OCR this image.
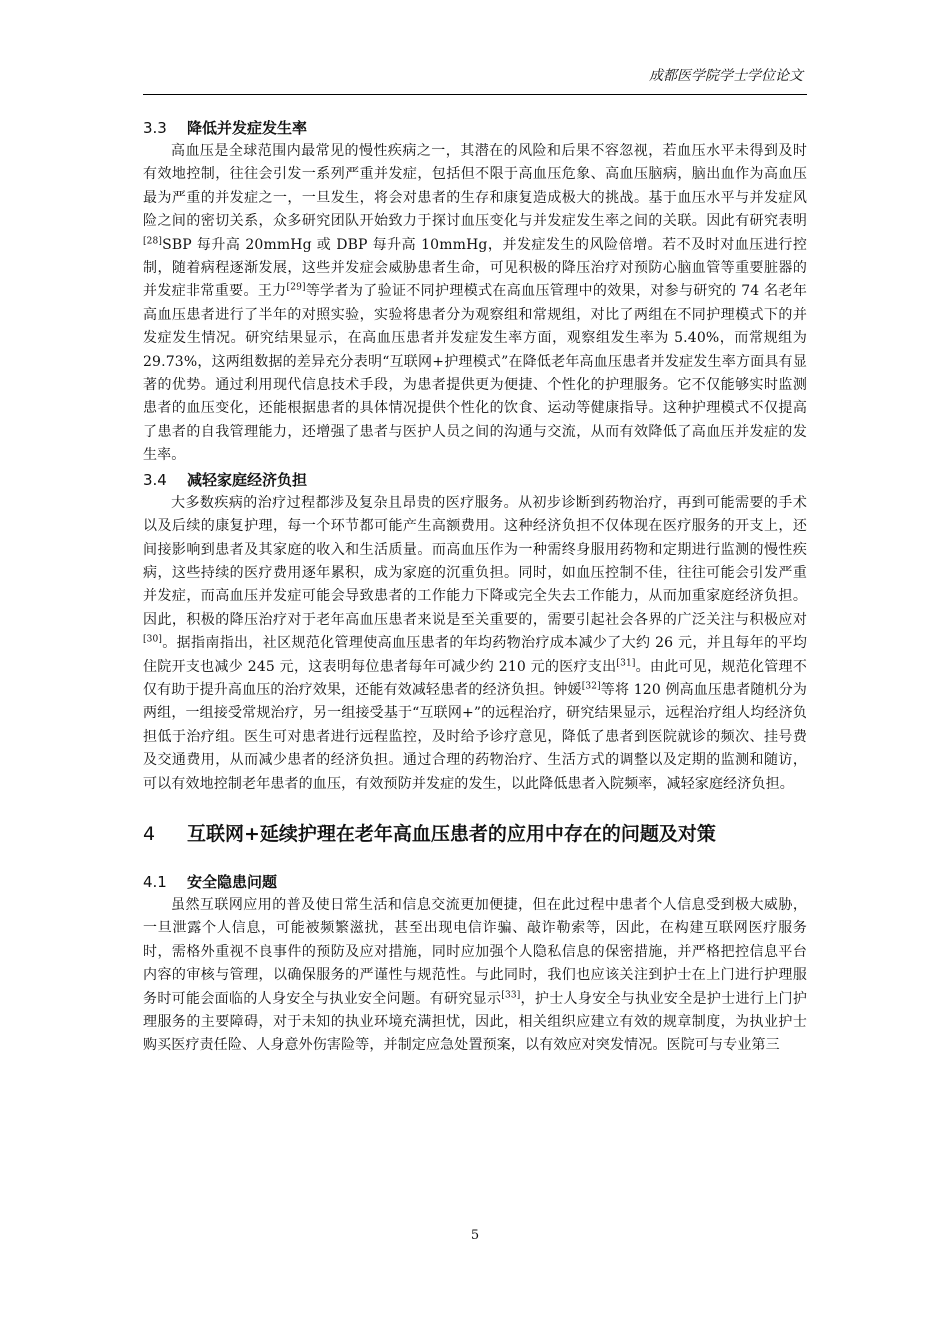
成都医学院学士学位论文
3.3 降低并发症发生率

高血压是全球范围内最常见的慢性疾病之一，其潜在的风险和后果不容忽视，若血压水平未得到及时有效地控制，往往会引发一系列严重并发症，包括但不限于高血压危象、高血压脑病，脑出血作为高血压最为严重的并发症之一，一旦发生，将会对患者的生存和康复造成极大的挑战。基于血压水平与并发症风险之间的密切关系，众多研究团队开始致力于探讨血压变化与并发症发生率之间的关联。因此有研究表明[28]SBP 每升高 20mmHg 或 DBP 每升高 10mmHg，并发症发生的风险倍增。若不及时对血压进行控制，随着病程逐渐发展，这些并发症会威胁患者生命，可见积极的降压治疗对预防心脑血管等重要脏器的并发症非常重要。王力[29]等学者为了验证不同护理模式在高血压管理中的效果，对参与研究的 74 名老年高血压患者进行了半年的对照实验，实验将患者分为观察组和常规组，对比了两组在不同护理模式下的并发症发生情况。研究结果显示，在高血压患者并发症发生率方面，观察组发生率为 5.40%，而常规组为 29.73%，这两组数据的差异充分表明“互联网+护理模式”在降低老年高血压患者并发症发生率方面具有显著的优势。通过利用现代信息技术手段，为患者提供更为便捷、个性化的护理服务。它不仅能够实时监测患者的血压变化，还能根据患者的具体情况提供个性化的饮食、运动等健康指导。这种护理模式不仅提高了患者的自我管理能力，还增强了患者与医护人员之间的沟通与交流，从而有效降低了高血压并发症的发生率。

3.4 减轻家庭经济负担

大多数疾病的治疗过程都涉及复杂且昂贵的医疗服务。从初步诊断到药物治疗，再到可能需要的手术以及后续的康复护理，每一个环节都可能产生高额费用。这种经济负担不仅体现在医疗服务的开支上，还间接影响到患者及其家庭的收入和生活质量。而高血压作为一种需终身服用药物和定期进行监测的慢性疾病，这些持续的医疗费用逐年累积，成为家庭的沉重负担。同时，如血压控制不佳，往往可能会引发严重并发症，而高血压并发症可能会导致患者的工作能力下降或完全失去工作能力，从而加重家庭经济负担。因此，积极的降压治疗对于老年高血压患者来说是至关重要的，需要引起社会各界的广泛关注与积极应对[30]。据指南指出，社区规范化管理使高血压患者的年均药物治疗成本减少了大约 26 元，并且每年的平均住院开支也减少 245 元，这表明每位患者每年可减少约 210 元的医疗支出[31]。由此可见，规范化管理不仅有助于提升高血压的治疗效果，还能有效减轻患者的经济负担。钟媛[32]等将 120 例高血压患者随机分为两组，一组接受常规治疗，另一组接受基于“互联网+”的远程治疗，研究结果显示，远程治疗组人均经济负担低于治疗组。医生可对患者进行远程监控，及时给予诊疗意见，降低了患者到医院就诊的频次、挂号费及交通费用，从而减少患者的经济负担。通过合理的药物治疗、生活方式的调整以及定期的监测和随访，可以有效地控制老年患者的血压，有效预防并发症的发生，以此降低患者入院频率，减轻家庭经济负担。

4 互联网+延续护理在老年高血压患者的应用中存在的问题及对策
4.1 安全隐患问题

虽然互联网应用的普及使日常生活和信息交流更加便捷，但在此过程中患者个人信息受到极大威胁，一旦泄露个人信息，可能被频繁滋扰，甚至出现电信诈骗、敲诈勒索等，因此，在构建互联网医疗服务时，需格外重视不良事件的预防及应对措施，同时应加强个人隐私信息的保密措施，并严格把控信息平台内容的审核与管理，以确保服务的严谨性与规范性。与此同时，我们也应该关注到护士在上门进行护理服务时可能会面临的人身安全与执业安全问题。有研究显示[33]，护士人身安全与执业安全是护士进行上门护理服务的主要障碍，对于未知的执业环境充满担忧，因此，相关组织应建立有效的规章制度，为执业护士购买医疗责任险、人身意外伤害险等，并制定应急处置预案，以有效应对突发情况。医院可与专业第三

5
